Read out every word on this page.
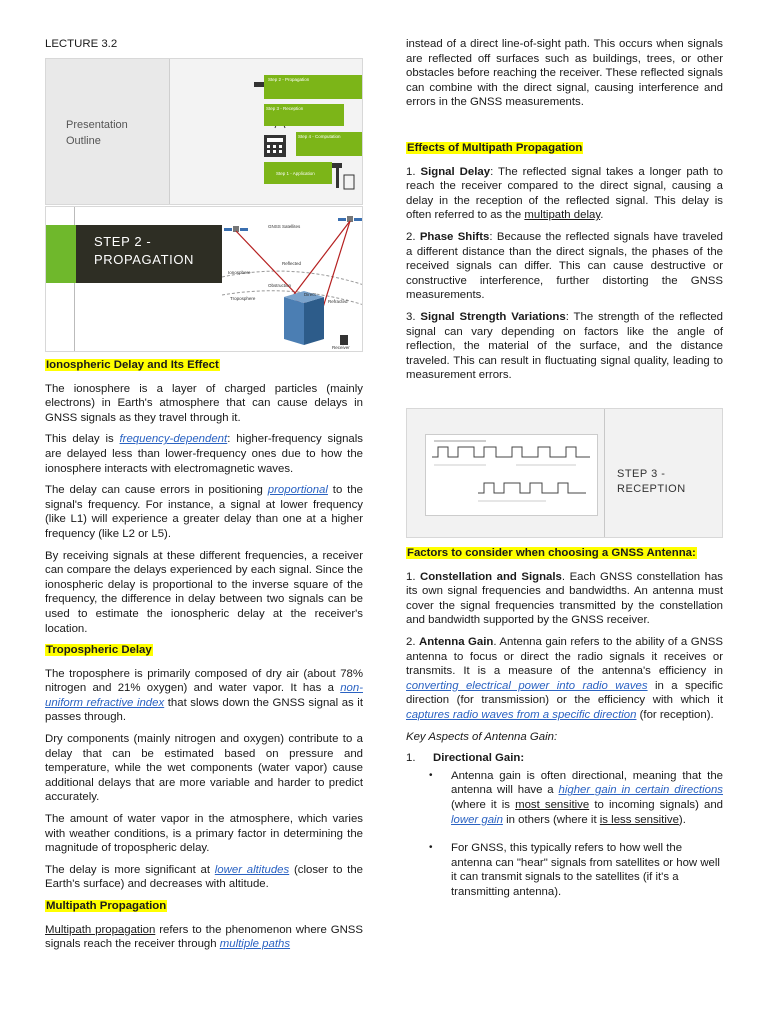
LECTURE 3.2
Presentation
Outline
Step 2 - Propagation
Step 3 - Reception
Step 4 - Computation
Step 1 - Application
STEP 2 -
PROPAGATION
GNSS Satellites
Ionosphere
Troposphere
Reflected
Obstruction
Direct
Refracted
Receiver

Ionospheric Delay and Its Effect

The ionosphere is a layer of charged particles (mainly electrons) in Earth's atmosphere that can cause delays in GNSS signals as they travel through it.

This delay is frequency-dependent: higher-frequency signals are delayed less than lower-frequency ones due to how the ionosphere interacts with electromagnetic waves.

The delay can cause errors in positioning proportional to the signal's frequency. For instance, a signal at lower frequency (like L1) will experience a greater delay than one at a higher frequency (like L2 or L5).

By receiving signals at these different frequencies, a receiver can compare the delays experienced by each signal. Since the ionospheric delay is proportional to the inverse square of the frequency, the difference in delay between two signals can be used to estimate the ionospheric delay at the receiver's location.

Tropospheric Delay

The troposphere is primarily composed of dry air (about 78% nitrogen and 21% oxygen) and water vapor. It has a non- uniform refractive index that slows down the GNSS signal as it passes through.

Dry components (mainly nitrogen and oxygen) contribute to a delay that can be estimated based on pressure and temperature, while the wet components (water vapor) cause additional delays that are more variable and harder to predict accurately.

The amount of water vapor in the atmosphere, which varies with weather conditions, is a primary factor in determining the magnitude of tropospheric delay.

The delay is more significant at lower altitudes (closer to the Earth's surface) and decreases with altitude.

Multipath Propagation

Multipath propagation refers to the phenomenon where GNSS signals reach the receiver through multiple paths

instead of a direct line-of-sight path. This occurs when signals are reflected off surfaces such as buildings, trees, or other obstacles before reaching the receiver. These reflected signals can combine with the direct signal, causing interference and errors in the GNSS measurements.

Effects of Multipath Propagation

1. Signal Delay: The reflected signal takes a longer path to reach the receiver compared to the direct signal, causing a delay in the reception of the reflected signal. This delay is often referred to as the multipath delay.

2. Phase Shifts: Because the reflected signals have traveled a different distance than the direct signals, the phases of the received signals can differ. This can cause destructive or constructive interference, further distorting the GNSS measurements.

3. Signal Strength Variations: The strength of the reflected signal can vary depending on factors like the angle of reflection, the material of the surface, and the distance traveled. This can result in fluctuating signal quality, leading to measurement errors.

STEP 3 -
RECEPTION

Factors to consider when choosing a GNSS Antenna:

1. Constellation and Signals. Each GNSS constellation has its own signal frequencies and bandwidths. An antenna must cover the signal frequencies transmitted by the constellation and bandwidth supported by the GNSS receiver.

2. Antenna Gain. Antenna gain refers to the ability of a GNSS antenna to focus or direct the radio signals it receives or transmits. It is a measure of the antenna's efficiency in converting electrical power into radio waves in a specific direction (for transmission) or the efficiency with which it captures radio waves from a specific direction (for reception).

Key Aspects of Antenna Gain:

1.	Directional Gain:
•	Antenna gain is often directional, meaning that the antenna will have a higher gain in certain directions (where it is most sensitive to incoming signals) and lower gain in others (where it is less sensitive).
•	For GNSS, this typically refers to how well the antenna can "hear" signals from satellites or how well it can transmit signals to the satellites (if it's a transmitting antenna).
